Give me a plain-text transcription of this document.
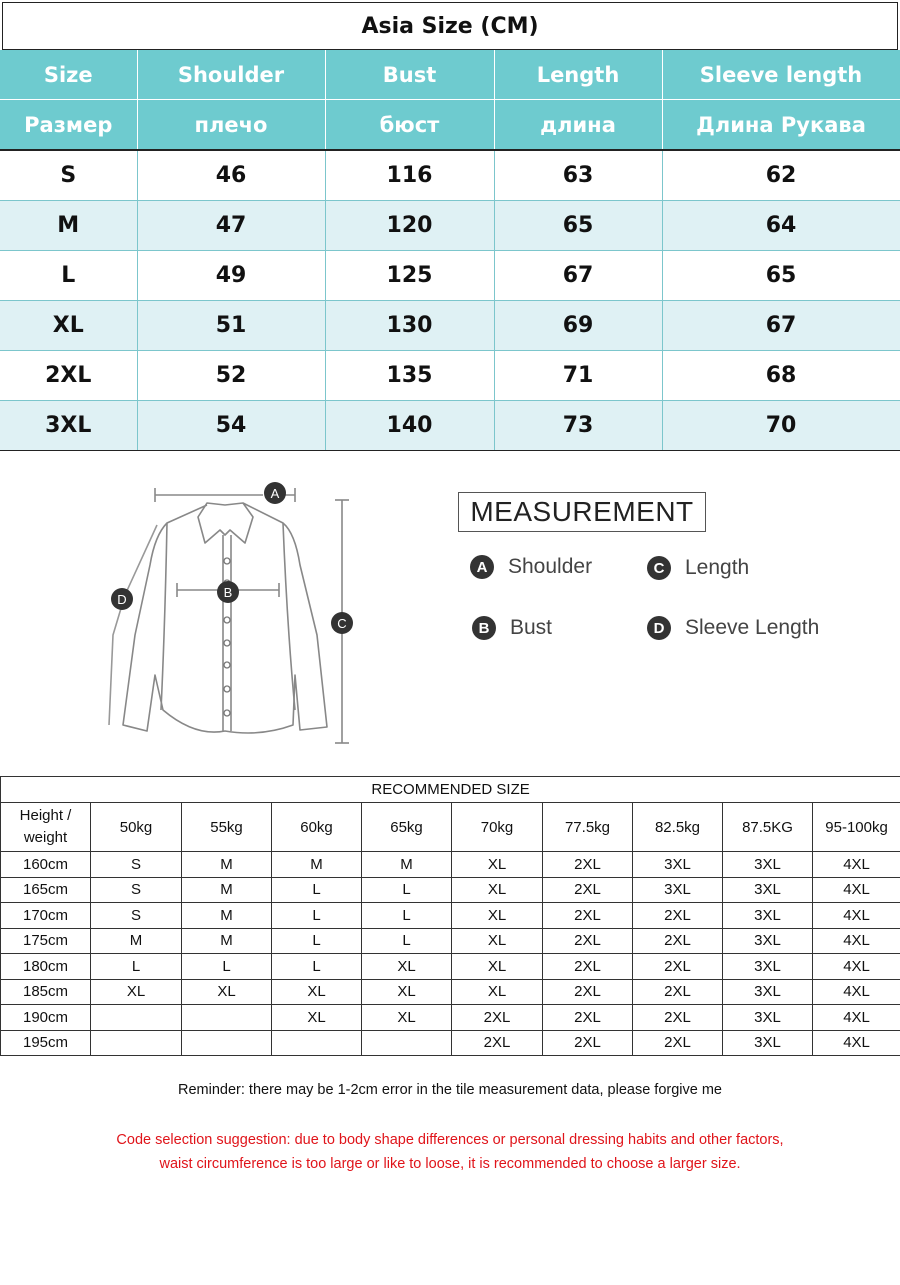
Asia Size (CM)
Size	Shoulder	Bust	Length	Sleeve length
Размер	плечо	бюст	длина	Длина Рукава
S	46	116	63	62
M	47	120	65	64
L	49	125	67	65
XL	51	130	69	67
2XL	52	135	71	68
3XL	54	140	73	70
A
B
C
D
MEASUREMENT
A Shoulder	C Length
B Bust	D Sleeve Length
RECOMMENDED SIZE									
Height /
weight	50kg	55kg	60kg	65kg	70kg	77.5kg	82.5kg	87.5KG	95-100kg
160cm	S	M	M	M	XL	2XL	3XL	3XL	4XL
165cm	S	M	L	L	XL	2XL	3XL	3XL	4XL
170cm	S	M	L	L	XL	2XL	2XL	3XL	4XL
175cm	M	M	L	L	XL	2XL	2XL	3XL	4XL
180cm	L	L	L	XL	XL	2XL	2XL	3XL	4XL
185cm	XL	XL	XL	XL	XL	2XL	2XL	3XL	4XL
190cm			XL	XL	2XL	2XL	2XL	3XL	4XL
195cm					2XL	2XL	2XL	3XL	4XL
Reminder: there may be 1-2cm error in the tile measurement data, please forgive me
Code selection suggestion: due to body shape differences or personal dressing habits and other factors, waist circumference is too large or like to loose, it is recommended to choose a larger size.
